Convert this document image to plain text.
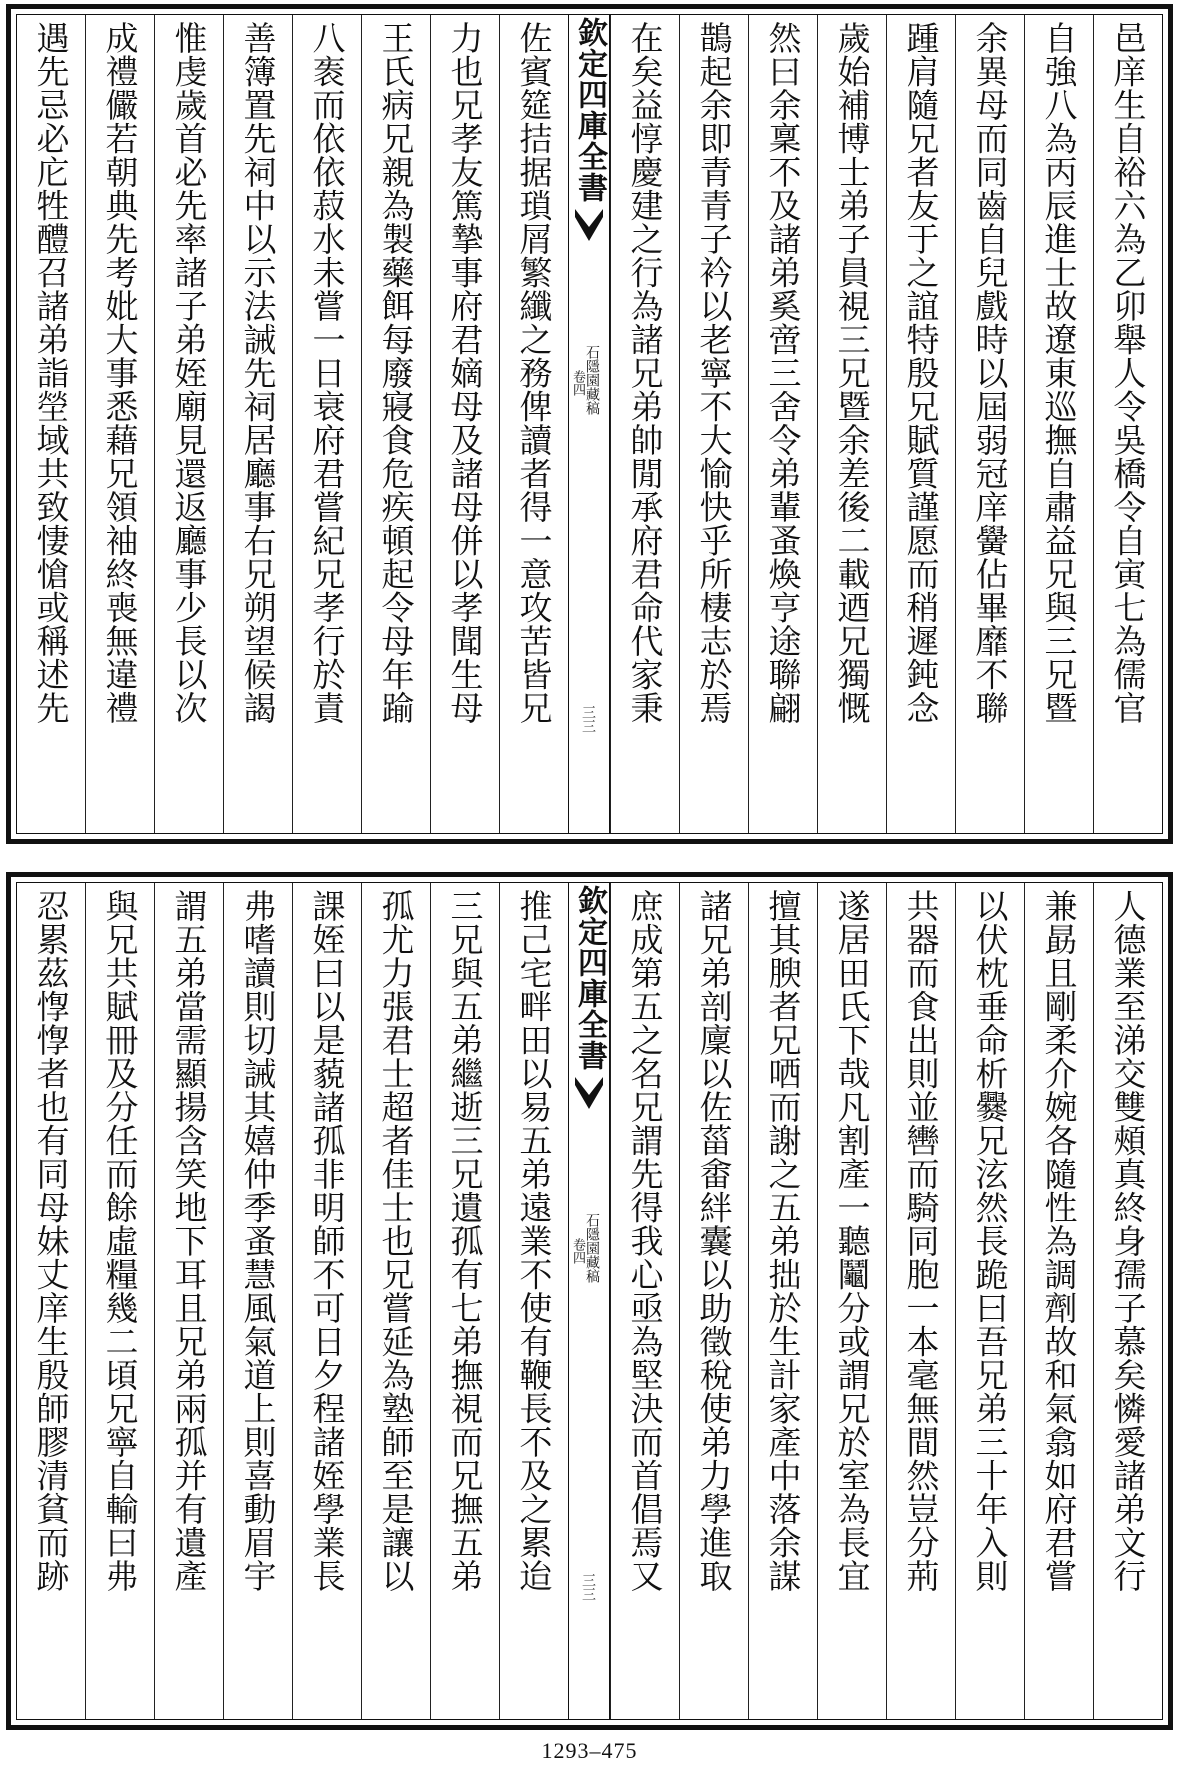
邑庠生自裕六為乙卯舉人令吳橋令自寅七為儒官
自強八為丙辰進士故遼東巡撫自肅益兄與三兄暨
余異母而同齒自兒戲時以屆弱冠庠黌佔畢靡不聯
踵肩隨兄者友于之誼特殷兄賦質謹愿而稍遲鈍念
歲始補博士弟子員視三兄暨余差後二載迺兄獨慨
然曰余稟不及諸弟奚啻三舍令弟輩蚤煥亨途聯翩
鵲起余即青青子衿以老寧不大愉快乎所棲志於焉
在矣益惇慶建之行為諸兄弟帥閒承府君命代家秉
欽定四庫全書
石隱園藏稿
卷四
三三
佐賓筵拮据瑣屑繁纖之務俾讀者得一意攻苦皆兄
力也兄孝友篤摯事府君嫡母及諸母併以孝聞生母
王氏病兄親為製藥餌每廢寢食危疾頓起令母年踰
八袠而依依菽水未嘗一日衰府君嘗紀兄孝行於責
善簿置先祠中以示法誡先祠居廳事右兄朔望候謁
惟虔歲首必先率諸子弟姪廟見還返廳事少長以次
成禮儼若朝典先考妣大事悉藉兄領袖終喪無違禮
遇先忌必庀牲醴召諸弟詣塋域共致悽愴或稱述先
人德業至涕交雙頰真終身孺子慕矣憐愛諸弟文行
兼勗且剛柔介婉各隨性為調劑故和氣翕如府君嘗
以伏枕垂命析爨兄泫然長跪曰吾兄弟三十年入則
共器而食出則並轡而騎同胞一本毫無間然豈分荊
遂居田氏下哉凡割產一聽鬮分或謂兄於室為長宜
擅其腴者兄哂而謝之五弟拙於生計家產中落余謀
諸兄弟剖廩以佐菑畬絆囊以助徵稅使弟力學進取
庶成第五之名兄謂先得我心亟為堅決而首倡焉又
欽定四庫全書
石隱園藏稿
卷四
三三
推己宅畔田以易五弟遠業不使有鞭長不及之累迨
三兄與五弟繼逝三兄遺孤有七弟撫視而兄撫五弟
孤尤力張君士超者佳士也兄嘗延為塾師至是讓以
課姪曰以是藐諸孤非明師不可日夕程諸姪學業長
弗嗜讀則切誡其嬉仲季蚤慧風氣道上則喜動眉宇
謂五弟當需顯揚含笑地下耳且兄弟兩孤并有遺產
與兄共賦冊及分任而餘虛糧幾二頃兄寧自輸曰弗
忍累茲惸惸者也有同母妹丈庠生殷師膠清貧而跡
1293–475
